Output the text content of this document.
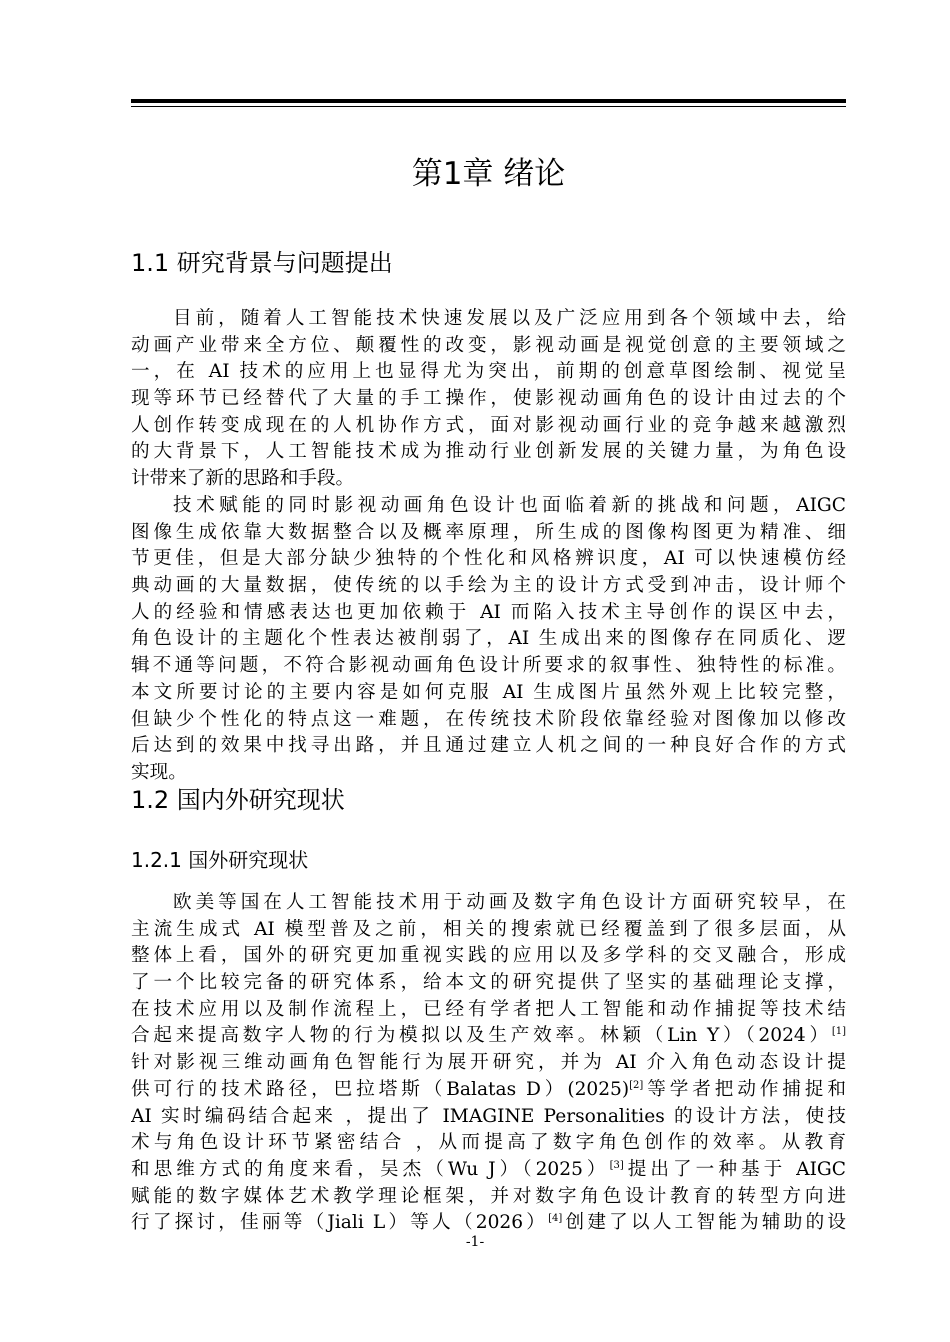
第1章 绪论
1.1 研究背景与问题提出
目前，随着人工智能技术快速发展以及广泛应用到各个领域中去，给
动画产业带来全方位、颠覆性的改变，影视动画是视觉创意的主要领域之
一，在 AI 技术的应用上也显得尤为突出，前期的创意草图绘制、视觉呈
现等环节已经替代了大量的手工操作，使影视动画角色的设计由过去的个
人创作转变成现在的人机协作方式，面对影视动画行业的竞争越来越激烈
的大背景下，人工智能技术成为推动行业创新发展的关键力量，为角色设
计带来了新的思路和手段。
技术赋能的同时影视动画角色设计也面临着新的挑战和问题，AIGC
图像生成依靠大数据整合以及概率原理，所生成的图像构图更为精准、细
节更佳，但是大部分缺少独特的个性化和风格辨识度，AI 可以快速模仿经
典动画的大量数据，使传统的以手绘为主的设计方式受到冲击，设计师个
人的经验和情感表达也更加依赖于 AI 而陷入技术主导创作的误区中去，
角色设计的主题化个性表达被削弱了，AI 生成出来的图像存在同质化、逻
辑不通等问题，不符合影视动画角色设计所要求的叙事性、独特性的标准。
本文所要讨论的主要内容是如何克服 AI 生成图片虽然外观上比较完整，
但缺少个性化的特点这一难题，在传统技术阶段依靠经验对图像加以修改
后达到的效果中找寻出路，并且通过建立人机之间的一种良好合作的方式
实现。
1.2 国内外研究现状
1.2.1 国外研究现状
欧美等国在人工智能技术用于动画及数字角色设计方面研究较早，在
主流生成式 AI 模型普及之前，相关的搜索就已经覆盖到了很多层面，从
整体上看，国外的研究更加重视实践的应用以及多学科的交叉融合，形成
了一个比较完备的研究体系，给本文的研究提供了坚实的基础理论支撑，
在技术应用以及制作流程上，已经有学者把人工智能和动作捕捉等技术结
合起来提高数字人物的行为模拟以及生产效率。林颖（Lin Y）（2024）[1]
针对影视三维动画角色智能行为展开研究，并为 AI 介入角色动态设计提
供可行的技术路径，巴拉塔斯（Balatas D）(2025)[2]等学者把动作捕捉和
AI 实时编码结合起来 ，提出了 IMAGINE Personalities 的设计方法，使技
术与角色设计环节紧密结合 ，从而提高了数字角色创作的效率。从教育
和思维方式的角度来看，吴杰（Wu J）（2025）[3]提出了一种基于 AIGC
赋能的数字媒体艺术教学理论框架，并对数字角色设计教育的转型方向进
行了探讨，佳丽等（Jiali L）等人（2026）[4]创建了以人工智能为辅助的设
-1-
